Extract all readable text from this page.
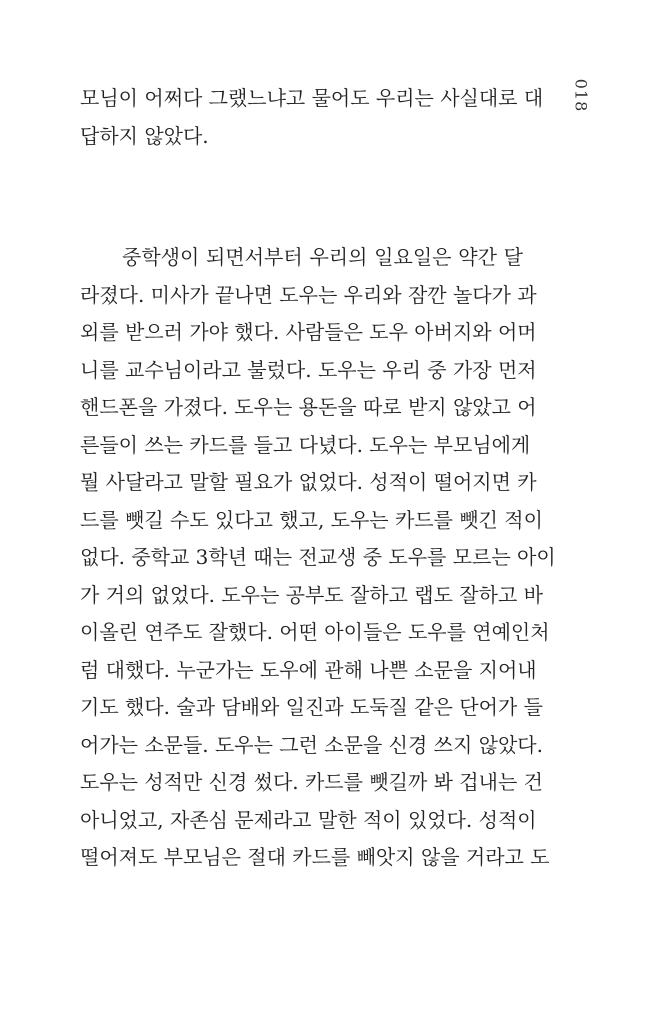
018
모님이 어쩌다 그랬느냐고 물어도 우리는 사실대로 대
답하지 않았다.
중학생이 되면서부터 우리의 일요일은 약간 달
라졌다. 미사가 끝나면 도우는 우리와 잠깐 놀다가 과
외를 받으러 가야 했다. 사람들은 도우 아버지와 어머
니를 교수님이라고 불렀다. 도우는 우리 중 가장 먼저
핸드폰을 가졌다. 도우는 용돈을 따로 받지 않았고 어
른들이 쓰는 카드를 들고 다녔다. 도우는 부모님에게
뭘 사달라고 말할 필요가 없었다. 성적이 떨어지면 카
드를 뺏길 수도 있다고 했고, 도우는 카드를 뺏긴 적이
없다. 중학교 3학년 때는 전교생 중 도우를 모르는 아이
가 거의 없었다. 도우는 공부도 잘하고 랩도 잘하고 바
이올린 연주도 잘했다. 어떤 아이들은 도우를 연예인처
럼 대했다. 누군가는 도우에 관해 나쁜 소문을 지어내
기도 했다. 술과 담배와 일진과 도둑질 같은 단어가 들
어가는 소문들. 도우는 그런 소문을 신경 쓰지 않았다.
도우는 성적만 신경 썼다. 카드를 뺏길까 봐 겁내는 건
아니었고, 자존심 문제라고 말한 적이 있었다. 성적이
떨어져도 부모님은 절대 카드를 빼앗지 않을 거라고 도
